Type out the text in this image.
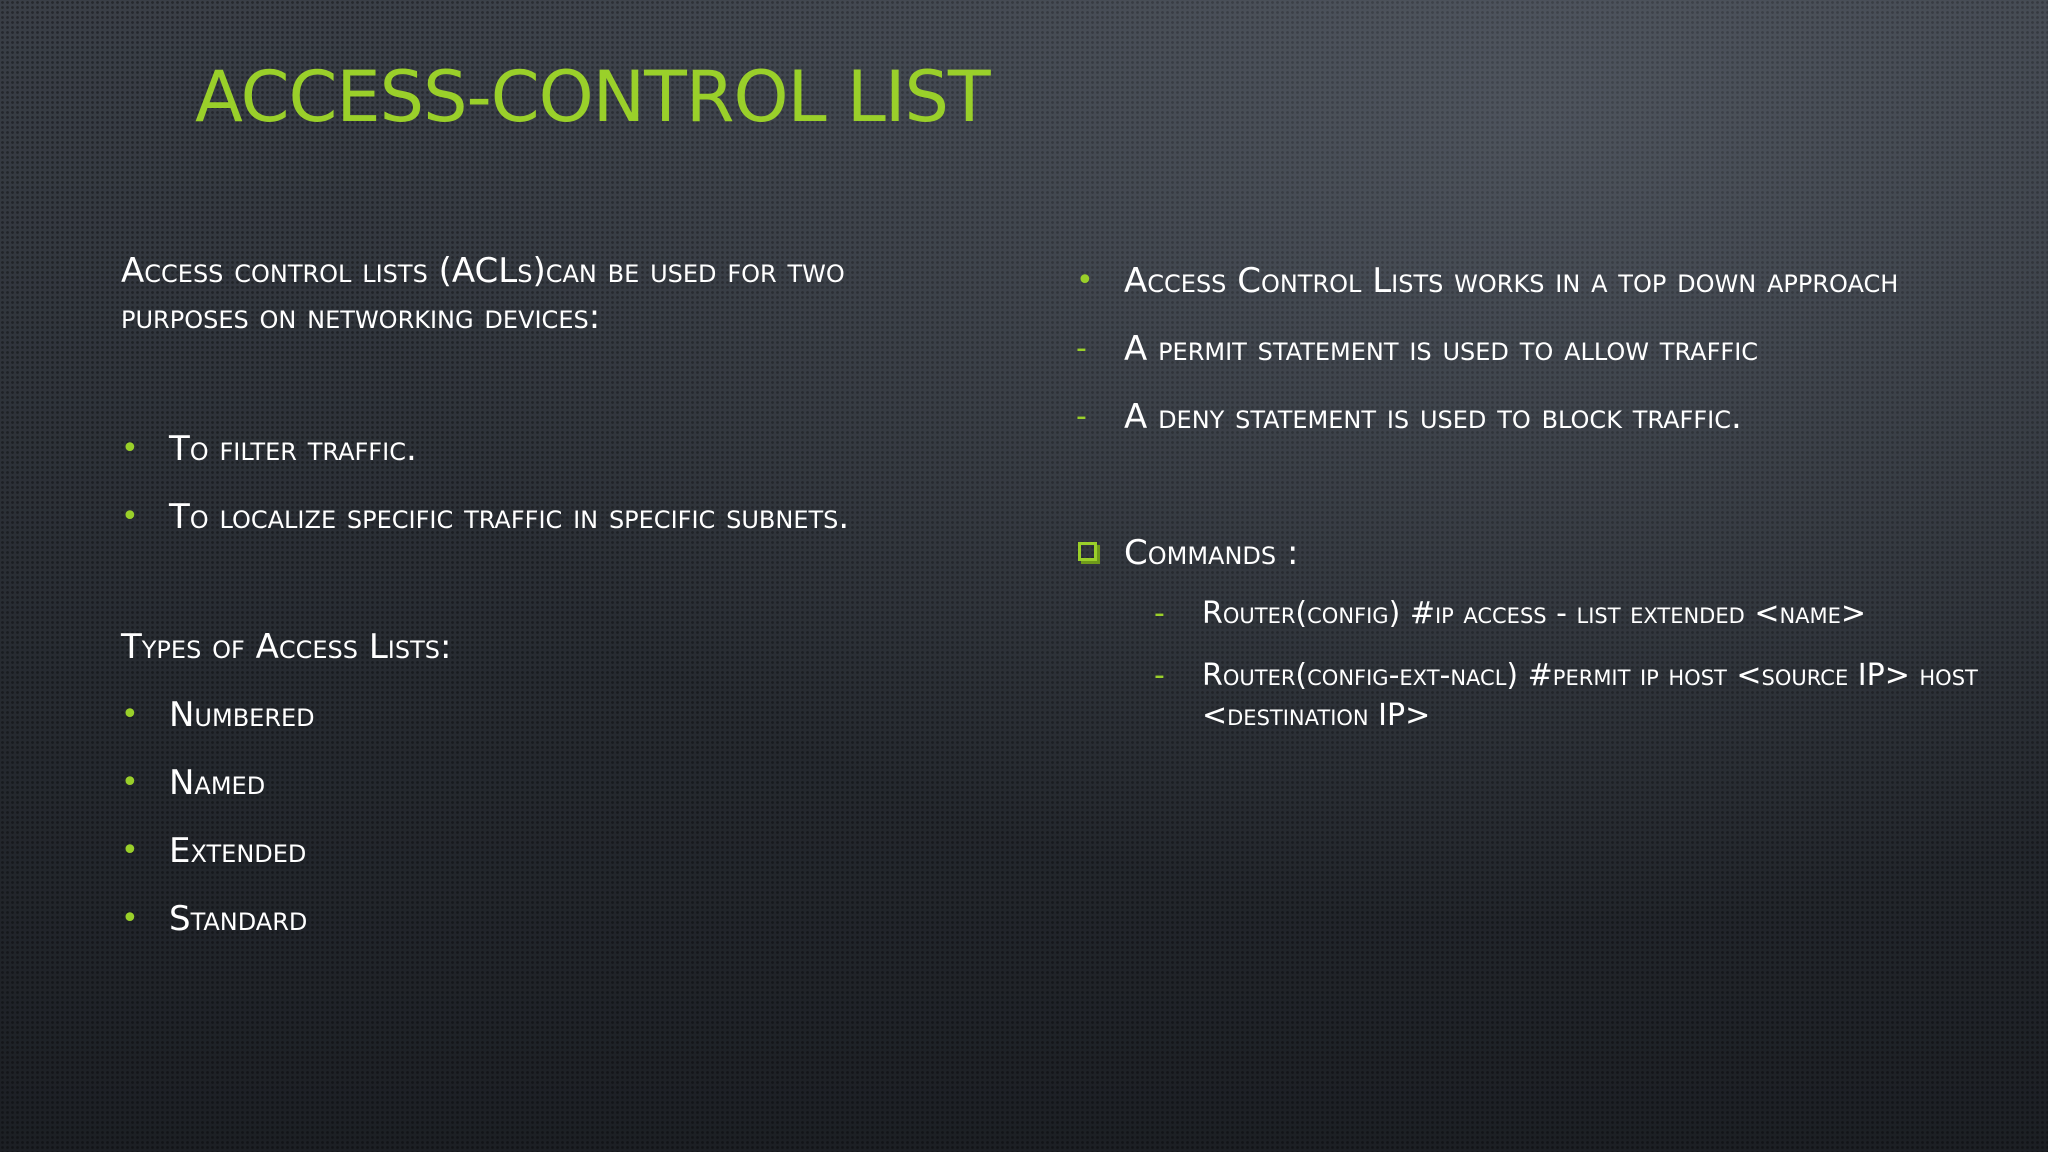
ACCESS-CONTROL LIST

Access control lists (ACLs)can be used for two purposes on networking devices:

• To filter traffic.
• To localize specific traffic in specific subnets.

Types of Access Lists:

• Numbered
• Named
• Extended
• Standard
• Access Control Lists works in a top down approach
- A permit statement is used to allow traffic
- A deny statement is used to block traffic.
Commands :
- Router(config) #ip access - list extended <name>
- Router(config-ext-nacl) #permit ip host <source IP> host <destination IP>
